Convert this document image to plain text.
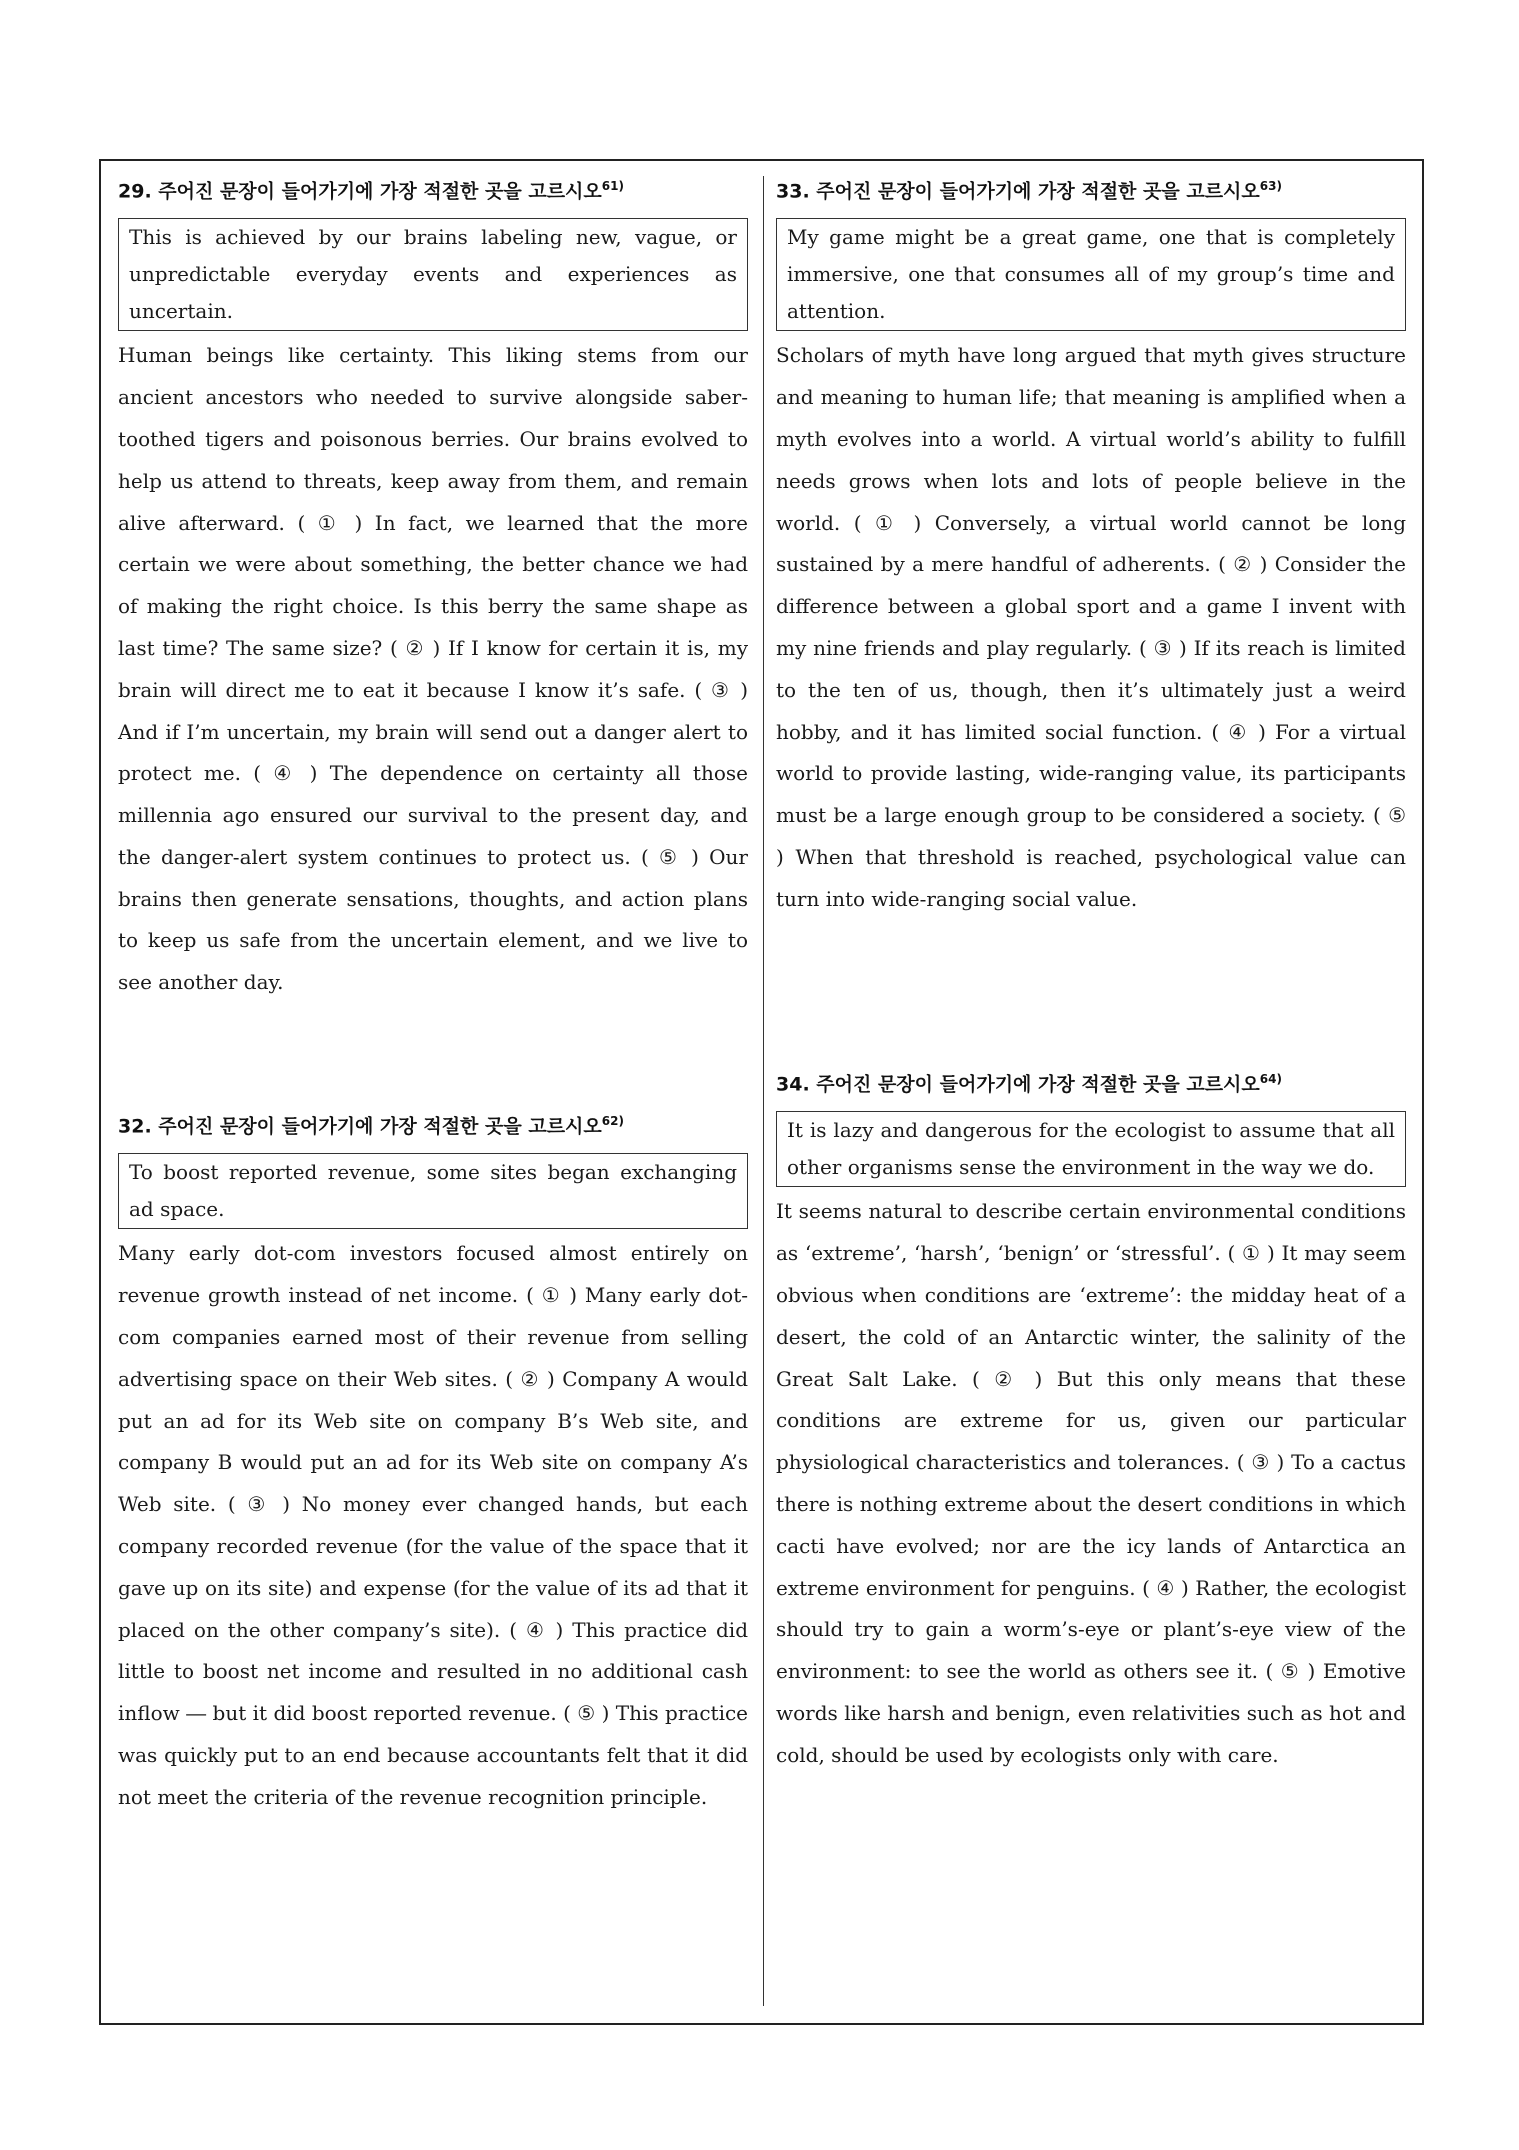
29. 주어진 문장이 들어가기에 가장 적절한 곳을 고르시오$^{61)}$
This is achieved by our brains labeling new, vague, or unpredictable everyday events and experiences as uncertain.

Human beings like certainty. This liking stems from our ancient ancestors who needed to survive alongside saber-toothed tigers and poisonous berries. Our brains evolved to help us attend to threats, keep away from them, and remain alive afterward. ( ① ) In fact, we learned that the more certain we were about something, the better chance we had of making the right choice. Is this berry the same shape as last time? The same size? ( ② ) If I know for certain it is, my brain will direct me to eat it because I know it’s safe. ( ③ ) And if I’m uncertain, my brain will send out a danger alert to protect me. ( ④ ) The dependence on certainty all those millennia ago ensured our survival to the present day, and the danger-alert system continues to protect us. ( ⑤ ) Our brains then generate sensations, thoughts, and action plans to keep us safe from the uncertain element, and we live to see another day.

32. 주어진 문장이 들어가기에 가장 적절한 곳을 고르시오$^{62)}$
To boost reported revenue, some sites began exchanging ad space.

Many early dot-com investors focused almost entirely on revenue growth instead of net income. ( ① ) Many early dot-com companies earned most of their revenue from selling advertising space on their Web sites. ( ② ) Company A would put an ad for its Web site on company B’s Web site, and company B would put an ad for its Web site on company A’s Web site. ( ③ ) No money ever changed hands, but each company recorded revenue (for the value of the space that it gave up on its site) and expense (for the value of its ad that it placed on the other company’s site). ( ④ ) This practice did little to boost net income and resulted in no additional cash inflow ― but it did boost reported revenue. ( ⑤ ) This practice was quickly put to an end because accountants felt that it did not meet the criteria of the revenue recognition principle.

33. 주어진 문장이 들어가기에 가장 적절한 곳을 고르시오$^{63)}$
My game might be a great game, one that is completely immersive, one that consumes all of my group’s time and attention.

Scholars of myth have long argued that myth gives structure and meaning to human life; that meaning is amplified when a myth evolves into a world. A virtual world’s ability to fulfill needs grows when lots and lots of people believe in the world. ( ① ) Conversely, a virtual world cannot be long sustained by a mere handful of adherents. ( ② ) Consider the difference between a global sport and a game I invent with my nine friends and play regularly. ( ③ ) If its reach is limited to the ten of us, though, then it’s ultimately just a weird hobby, and it has limited social function. ( ④ ) For a virtual world to provide lasting, wide-ranging value, its participants must be a large enough group to be considered a society. ( ⑤ ) When that threshold is reached, psychological value can turn into wide-ranging social value.

34. 주어진 문장이 들어가기에 가장 적절한 곳을 고르시오$^{64)}$
It is lazy and dangerous for the ecologist to assume that all other organisms sense the environment in the way we do.

It seems natural to describe certain environmental conditions as ‘extreme’, ‘harsh’, ‘benign’ or ‘stressful’. ( ① ) It may seem obvious when conditions are ‘extreme’: the midday heat of a desert, the cold of an Antarctic winter, the salinity of the Great Salt Lake. ( ② ) But this only means that these conditions are extreme for us, given our particular physiological characteristics and tolerances. ( ③ ) To a cactus there is nothing extreme about the desert conditions in which cacti have evolved; nor are the icy lands of Antarctica an extreme environment for penguins. ( ④ ) Rather, the ecologist should try to gain a worm’s-eye or plant’s-eye view of the environment: to see the world as others see it. ( ⑤ ) Emotive words like harsh and benign, even relativities such as hot and cold, should be used by ecologists only with care.
